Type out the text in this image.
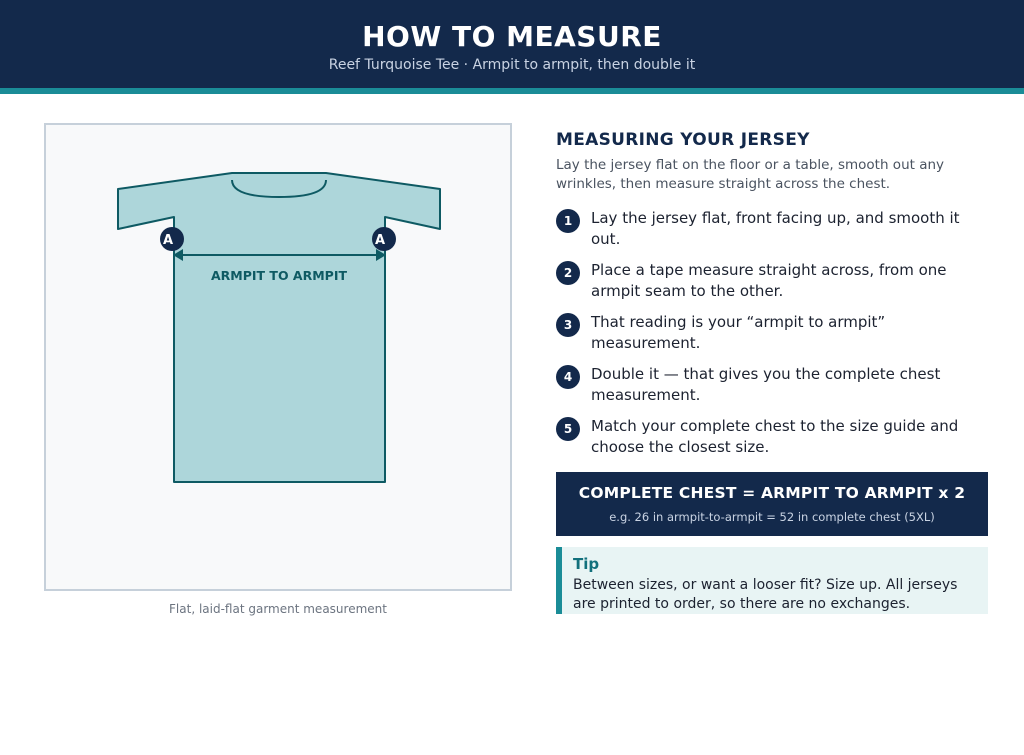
HOW TO MEASURE
Reef Turquoise Tee · Armpit to armpit, then double it
ARMPIT TO ARMPIT
A	A
Flat, laid-flat garment measurement
MEASURING YOUR JERSEY
Lay the jersey flat on the floor or a table, smooth out any wrinkles, then measure straight across the chest.
1	Lay the jersey flat, front facing up, and smooth it out.
2	Place a tape measure straight across, from one armpit seam to the other.
3	That reading is your “armpit to armpit” measurement.
4	Double it — that gives you the complete chest measurement.
5	Match your complete chest to the size guide and choose the closest size.
COMPLETE CHEST = ARMPIT TO ARMPIT x 2
e.g. 26 in armpit-to-armpit = 52 in complete chest (5XL)
Tip
Between sizes, or want a looser fit? Size up. All jerseys are printed to order, so there are no exchanges.
